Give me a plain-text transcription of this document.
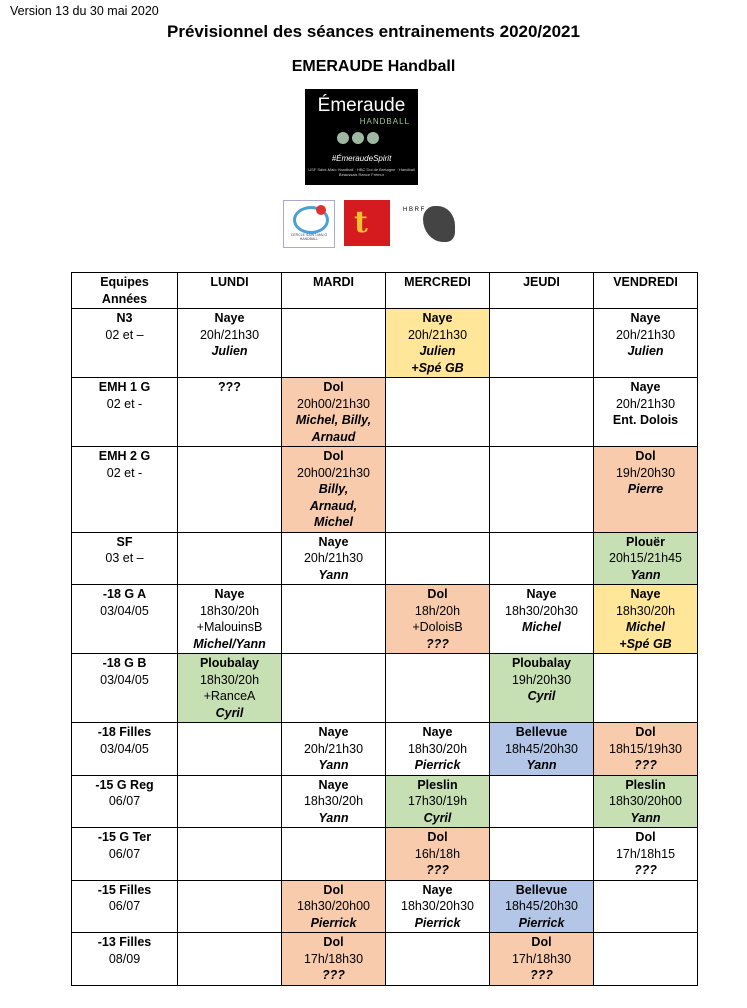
Version 13 du 30 mai 2020
Prévisionnel des séances entrainements 2020/2021
EMERAUDE Handball
Émeraude
HANDBALL
#ÉmeraudeSpirit
USF Saint-Malo Handball · HBC Dol de Bretagne · Handball Beaussais Rance Frémur
CERCLE SAINT-MALO HANDBALL	t	H B R F
Equipes
Années	LUNDI	MARDI	MERCREDI	JEUDI	VENDREDI

N3
02 et –	Naye
20h/21h30
Julien		Naye
20h/21h30
Julien
+Spé GB		Naye
20h/21h30
Julien

EMH 1 G
02 et -	???	Dol
20h00/21h30
Michel, Billy,
Arnaud			Naye
20h/21h30
Ent. Dolois

EMH 2 G
02 et -		Dol
20h00/21h30
Billy,
Arnaud,
Michel			Dol
19h/20h30
Pierre

SF
03 et –		Naye
20h/21h30
Yann			Plouër
20h15/21h45
Yann

-18 G A
03/04/05	Naye
18h30/20h
+MalouinsB
Michel/Yann		Dol
18h/20h
+DoloisB
???	Naye
18h30/20h30
Michel	Naye
18h30/20h
Michel
+Spé GB

-18 G B
03/04/05	Ploubalay
18h30/20h
+RanceA
Cyril			Ploubalay
19h/20h30
Cyril	

-18 Filles
03/04/05		Naye
20h/21h30
Yann	Naye
18h30/20h
Pierrick	Bellevue
18h45/20h30
Yann	Dol
18h15/19h30
???

-15 G Reg
06/07		Naye
18h30/20h
Yann	Pleslin
17h30/19h
Cyril		Pleslin
18h30/20h00
Yann

-15 G Ter
06/07			Dol
16h/18h
???		Dol
17h/18h15
???

-15 Filles
06/07		Dol
18h30/20h00
Pierrick	Naye
18h30/20h30
Pierrick	Bellevue
18h45/20h30
Pierrick	

-13 Filles
08/09		Dol
17h/18h30
???		Dol
17h/18h30
???	
